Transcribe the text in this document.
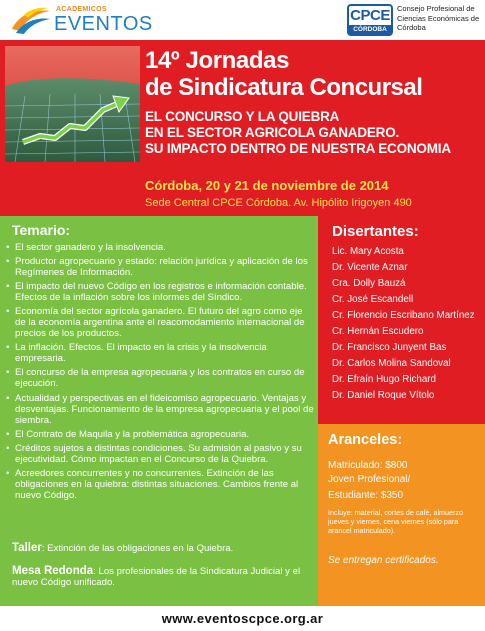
ACADEMICOS
EVENTOS	CPCE
CÓRDOBA
Consejo Profesional de Ciencias Económicas de Córdoba
14º Jornadas
de Sindicatura Concursal
EL CONCURSO Y LA QUIEBRA
EN EL SECTOR AGRICOLA GANADERO.
SU IMPACTO DENTRO DE NUESTRA ECONOMIA
Córdoba, 20 y 21 de noviembre de 2014
Sede Central CPCE Córdoba. Av. Hipólito Irigoyen 490
Temario:
• El sector ganadero y la insolvencia.
• Productor agropecuario y estado: relación jurídica y aplicación de los Regímenes de Información.
• El impacto del nuevo Código en los registros e información contable. Efectos de la inflación sobre los informes del Síndico.
• Economía del sector agrícola ganadero. El futuro del agro como eje de la economía argentina ante el reacomodamiento internacional de precios de los productos.
• La inflación. Efectos. El impacto en la crisis y la insolvencia empresaria.
• El concurso de la empresa agropecuaria y los contratos en curso de ejecución.
• Actualidad y perspectivas en el fideicomiso agropecuario. Ventajas y desventajas. Funcionamiento de la empresa agropecuaria y el pool de siembra.
• El Contrato de Maquila y la problemática agropecuaria.
• Créditos sujetos a distintas condiciones. Su admisión al pasivo y su ejecutividad. Cómo impactan en el Concurso de la Quiebra.
• Acreedores concurrentes y no concurrentes. Extinción de las obligaciones en la quiebra: distintas situaciones. Cambios frente al nuevo Código.
Taller: Extinción de las obligaciones en la Quiebra.
Mesa Redonda: Los profesionales de la Sindicatura Judicial y el nuevo Código unificado.
Disertantes:
Lic. Mary Acosta
Dr. Vicente Aznar
Cra. Dolly Bauzá
Cr. José Escandell
Cr. Florencio Escribano Martínez
Cr. Hernán Escudero
Dr. Francisco Junyent Bas
Dr. Carlos Molina Sandoval
Dr. Efraín Hugo Richard
Dr. Daniel Roque Vítolo
Aranceles:
Matriculado: $800
Joven Profesional/
Estudiante: $350
Incluye: material, cortes de café, almuerzo jueves y viernes, cena viernes (sólo para arancel matriculado).
Se entregan certificados.
www.eventoscpce.org.ar
